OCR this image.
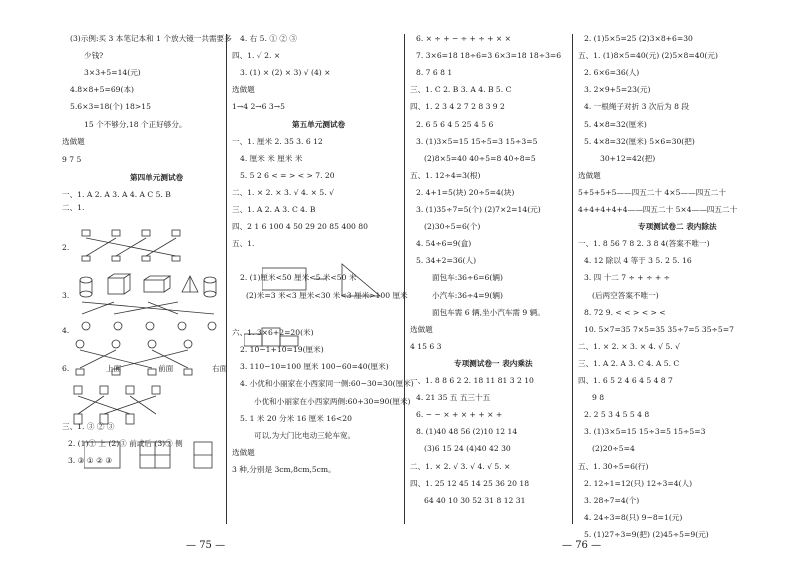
(3)示例:买 3 本笔记本和 1 个放大镜一共需要多
少钱?
3×3+5=14(元)
4.8×8+5=69(本)
5.6×3=18(个) 18>15
15 个不够分,18 个正好够分。
选做题
9 7 5
第四单元测试卷
一、1. A 2. A 3. A 4. A C 5. B
二、1.
2.
3.
4.
6.	上面	前面	右面
三、1. ③ ② ③
2. (1)① 上 (2)③ 前或后 (3)② 侧
3. ③ ① ② ③
4. 右 5. ① ② ③
四、1. ✓ 2. ×
3. (1) × (2) × 3) √ (4) ×
选做题
1→4 2→6 3→5
第五单元测试卷
一、1. 厘米 2. 35 3. 6 12
4. 厘米 米 厘米 米
5. 5 2 6 < = > < > 7. 20
二、1. × 2. × 3. √ 4. × 5. √
三、1. A 2. A 3. C 4. B
四、2 1 6 100 4 50 29 20 85 400 80
五、1.
2. (1)厘米<50 厘米<5 米<50 米
(2)米=3 米<3 厘米<30 米<3 厘米>100 厘米
六、1. 3×6+2=20(米)
2. 10−1+10=19(厘米)
3. 110−10=100 厘米 100−60=40(厘米)
4. 小优和小丽家在小西家同一侧:60−30=30(厘米)
小优和小丽家在小西家两侧:60+30=90(厘米)
5. 1 米 20 分米 16 厘米 16<20
可以,为大门比电动三轮车宽。
选做题
3 种,分别是 3cm,8cm,5cm。
6. × ÷ + − ÷ + ÷ + × ×
7. 3×6=18 18÷6=3 6×3=18 18÷3=6
8. 7 6 8 1
三、1. C 2. B 3. A 4. B 5. C
四、1. 2 3 4 2 7 2 8 3 9 2
2. 6 5 6 4 5 25 4 5 6
3. (1)3×5=15 15÷5=3 15÷3=5
(2)8×5=40 40÷5=8 40÷8=5
五、1. 12÷4=3(根)
2. 4+1=5(块) 20÷5=4(块)
3. (1)35÷7=5(个) (2)7×2=14(元)
(2)30÷5=6(个)
4. 54÷6=9(盒)
5. 34+2=36(人)
面包车:36÷6=6(辆)
小汽车:36÷4=9(辆)
面包车需 6 辆,坐小汽车需 9 辆。
选做题
4 15 6 3
专项测试卷一 表内乘法
一、1. 8 8 6 2 2. 18 11 81 3 2 10
4. 21 35 五 五三十五
6. − − × + × + + × +
8. (1)40 48 56 (2)10 12 14
(3)6 15 24 (4)40 42 30
二、1. × 2. √ 3. √ 4. √ 5. ×
四、1. 25 12 45 14 25 36 20 18
64 40 10 30 52 31 8 12 31
2. (1)5×5=25 (2)3×8+6=30
五、1. (1)8×5=40(元) (2)5×8=40(元)
2. 6×6=36(人)
3. 2×9+5=23(元)
4. 一根绳子对折 3 次后为 8 段
5. 4×8=32(厘米)
5. 4×8=32(厘米) 5×6=30(把)
30+12=42(把)
选做题
5+5+5+5——四五二十 4×5——四五二十
4+4+4+4+4——四五二十 5×4——四五二十
专项测试卷二 表内除法
一、1. 8 56 7 8 2. 3 8 4(答案不唯一)
4. 12 除以 4 等于 3 5. 2 5. 16
3. 四 十二 7 ÷ + ÷ + ÷
(后两空答案不唯一)
8. 72 9. < < > < > <
10. 5×7=35 7×5=35 35÷7=5 35÷5=7
二、1. × 2. × 3. × 4. √ 5. √
三、1. A 2. A 3. C 4. A 5. C
四、1. 6 5 2 4 6 4 5 4 8 7
9 8
2. 2 5 3 4 5 5 4 8
3. (1)3×5=15 15÷3=5 15÷5=3
(2)20÷5=4
五、1. 30÷5=6(行)
2. 12÷1=12(只) 12÷3=4(人)
3. 28÷7=4(个)
4. 24÷3=8(只) 9−8=1(元)
5. (1)27÷3=9(把) (2)45÷5=9(元)
— 75 —	— 76 —
